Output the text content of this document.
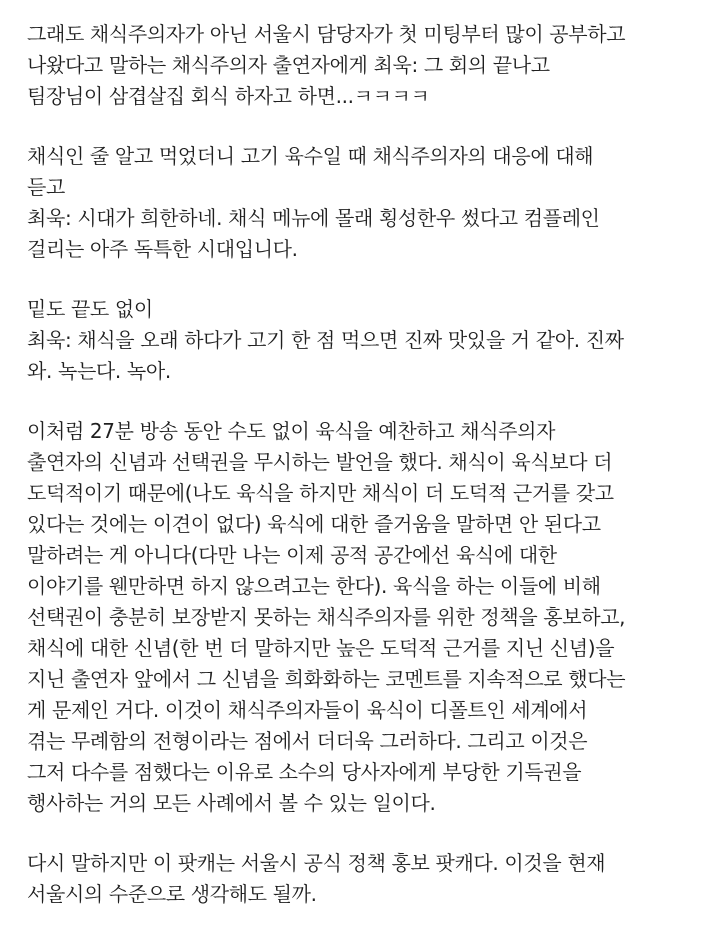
그래도 채식주의자가 아닌 서울시 담당자가 첫 미팅부터 많이 공부하고
나왔다고 말하는 채식주의자 출연자에게 최욱: 그 회의 끝나고
팀장님이 삼겹살집 회식 하자고 하면...ㅋㅋㅋㅋ
채식인 줄 알고 먹었더니 고기 육수일 때 채식주의자의 대응에 대해
듣고
최욱: 시대가 희한하네. 채식 메뉴에 몰래 횡성한우 썼다고 컴플레인
걸리는 아주 독특한 시대입니다.
밑도 끝도 없이
최욱: 채식을 오래 하다가 고기 한 점 먹으면 진짜 맛있을 거 같아. 진짜
와. 녹는다. 녹아.
이처럼 27분 방송 동안 수도 없이 육식을 예찬하고 채식주의자
출연자의 신념과 선택권을 무시하는 발언을 했다. 채식이 육식보다 더
도덕적이기 때문에(나도 육식을 하지만 채식이 더 도덕적 근거를 갖고
있다는 것에는 이견이 없다) 육식에 대한 즐거움을 말하면 안 된다고
말하려는 게 아니다(다만 나는 이제 공적 공간에선 육식에 대한
이야기를 웬만하면 하지 않으려고는 한다). 육식을 하는 이들에 비해
선택권이 충분히 보장받지 못하는 채식주의자를 위한 정책을 홍보하고,
채식에 대한 신념(한 번 더 말하지만 높은 도덕적 근거를 지닌 신념)을
지닌 출연자 앞에서 그 신념을 희화화하는 코멘트를 지속적으로 했다는
게 문제인 거다. 이것이 채식주의자들이 육식이 디폴트인 세계에서
겪는 무례함의 전형이라는 점에서 더더욱 그러하다. 그리고 이것은
그저 다수를 점했다는 이유로 소수의 당사자에게 부당한 기득권을
행사하는 거의 모든 사례에서 볼 수 있는 일이다.
다시 말하지만 이 팟캐는 서울시 공식 정책 홍보 팟캐다. 이것을 현재
서울시의 수준으로 생각해도 될까.
